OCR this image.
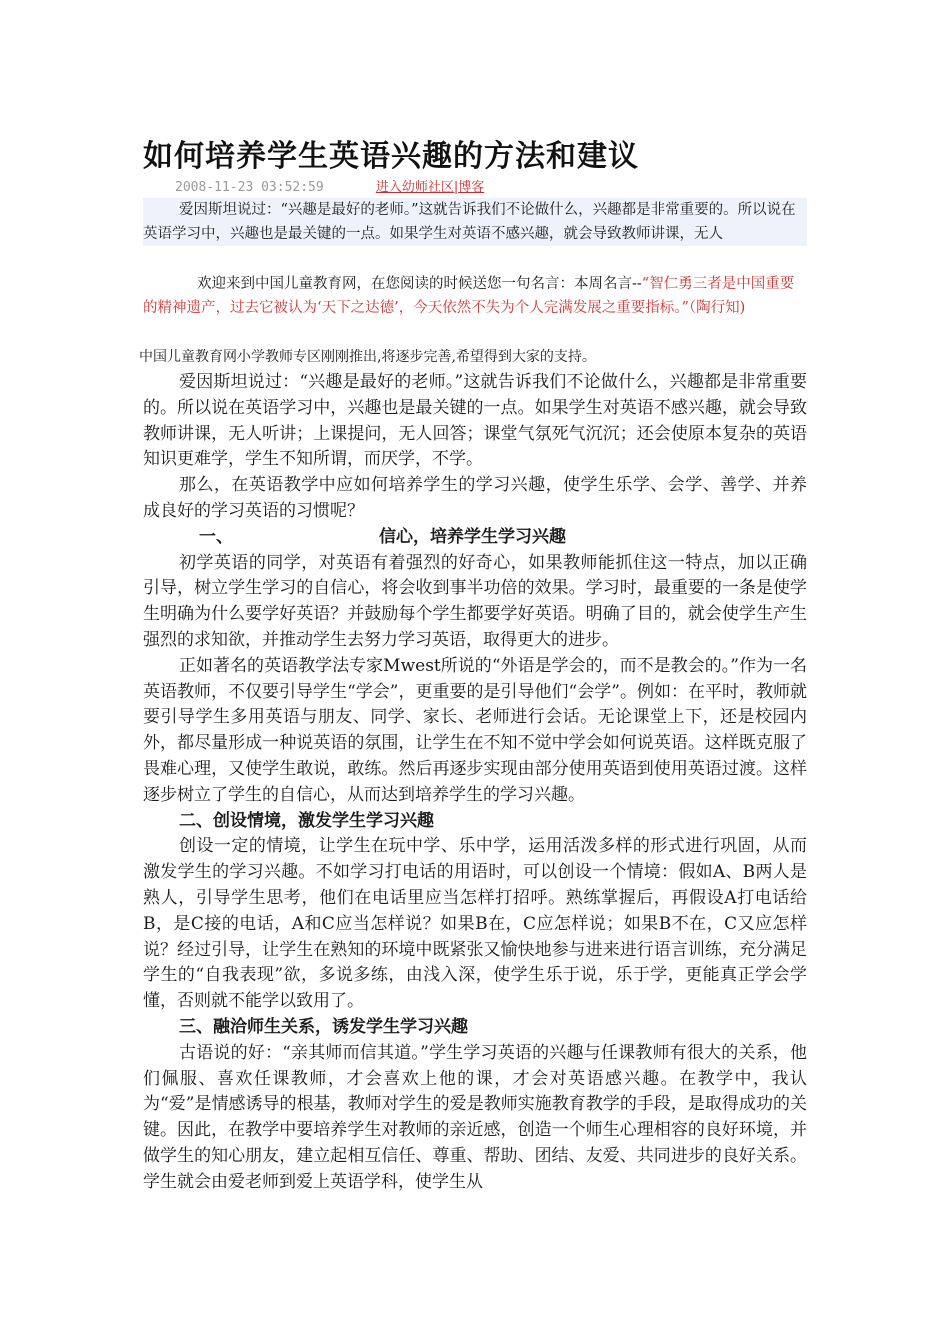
如何培养学生英语兴趣的方法和建议
2008-11-23 03:52:59	进入幼师社区|博客

爱因斯坦说过：“兴趣是最好的老师。”这就告诉我们不论做什么，兴趣都是非常重要的。所以说在英语学习中，兴趣也是最关键的一点。如果学生对英语不感兴趣，就会导致教师讲课，无人

欢迎来到中国儿童教育网，在您阅读的时候送您一句名言：本周名言--“智仁勇三者是中国重要的精神遗产，过去它被认为‘天下之达德’，今天依然不失为个人完满发展之重要指标。”（陶行知)

中国儿童教育网小学教师专区刚刚推出,将逐步完善,希望得到大家的支持。

爱因斯坦说过：“兴趣是最好的老师。”这就告诉我们不论做什么，兴趣都是非常重要的。所以说在英语学习中，兴趣也是最关键的一点。如果学生对英语不感兴趣，就会导致教师讲课，无人听讲；上课提问，无人回答；课堂气氛死气沉沉；还会使原本复杂的英语知识更难学，学生不知所谓，而厌学，不学。

那么，在英语教学中应如何培养学生的学习兴趣，使学生乐学、会学、善学、并养成良好的学习英语的习惯呢？

一、	信心，培养学生学习兴趣

初学英语的同学，对英语有着强烈的好奇心，如果教师能抓住这一特点，加以正确引导，树立学生学习的自信心，将会收到事半功倍的效果。学习时，最重要的一条是使学生明确为什么要学好英语？并鼓励每个学生都要学好英语。明确了目的，就会使学生产生强烈的求知欲，并推动学生去努力学习英语，取得更大的进步。

正如著名的英语教学法专家Mwest所说的“外语是学会的，而不是教会的。”作为一名英语教师，不仅要引导学生“学会”，更重要的是引导他们“会学”。例如：在平时，教师就要引导学生多用英语与朋友、同学、家长、老师进行会话。无论课堂上下，还是校园内外，都尽量形成一种说英语的氛围，让学生在不知不觉中学会如何说英语。这样既克服了畏难心理，又使学生敢说，敢练。然后再逐步实现由部分使用英语到使用英语过渡。这样逐步树立了学生的自信心，从而达到培养学生的学习兴趣。

二、创设情境，激发学生学习兴趣

创设一定的情境，让学生在玩中学、乐中学，运用活泼多样的形式进行巩固，从而激发学生的学习兴趣。不如学习打电话的用语时，可以创设一个情境：假如A、B两人是熟人，引导学生思考，他们在电话里应当怎样打招呼。熟练掌握后，再假设A打电话给B，是C接的电话，A和C应当怎样说？如果B在，C应怎样说；如果B不在，C又应怎样说？经过引导，让学生在熟知的环境中既紧张又愉快地参与进来进行语言训练，充分满足学生的“自我表现”欲，多说多练，由浅入深，使学生乐于说，乐于学，更能真正学会学懂，否则就不能学以致用了。

三、融洽师生关系，诱发学生学习兴趣

古语说的好：“亲其师而信其道。”学生学习英语的兴趣与任课教师有很大的关系，他们佩服、喜欢任课教师，才会喜欢上他的课，才会对英语感兴趣。在教学中，我认为“爱”是情感诱导的根基，教师对学生的爱是教师实施教育教学的手段，是取得成功的关键。因此，在教学中要培养学生对教师的亲近感，创造一个师生心理相容的良好环境，并做学生的知心朋友，建立起相互信任、尊重、帮助、团结、友爱、共同进步的良好关系。学生就会由爱老师到爱上英语学科，使学生从
